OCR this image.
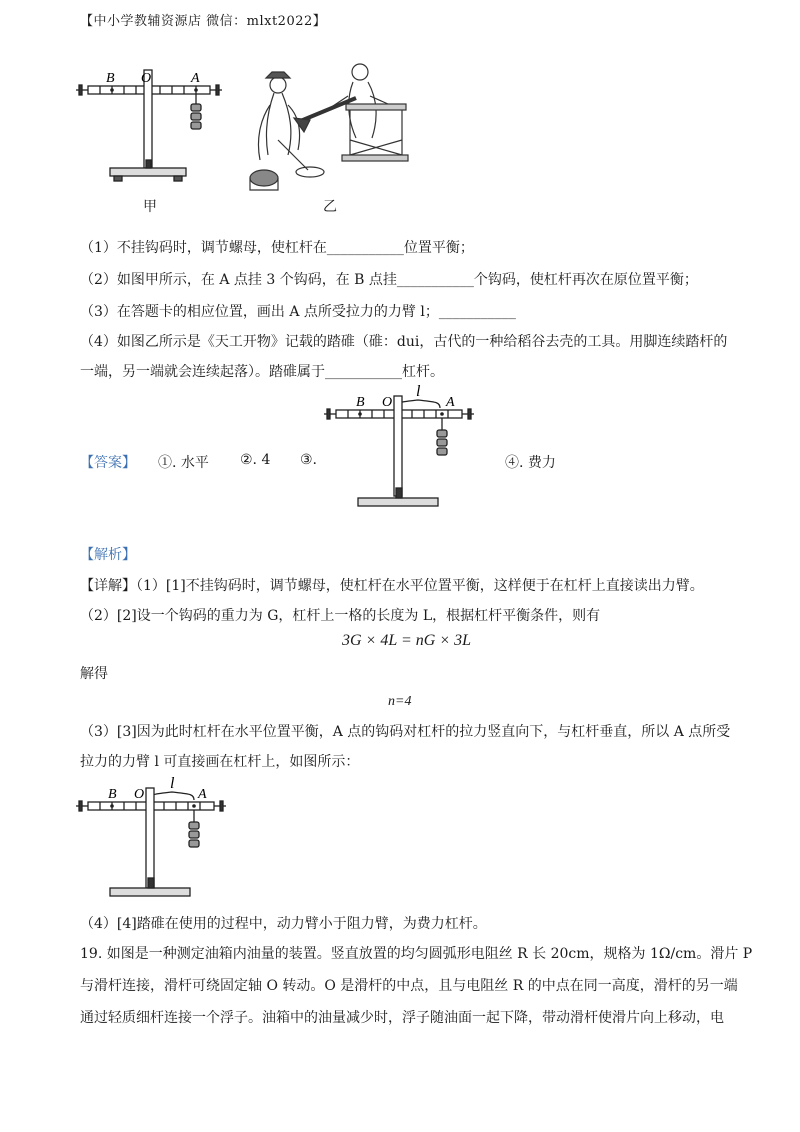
【中小学教辅资源店 微信：mlxt2022】
B O	A
甲	乙
（1）不挂钩码时，调节螺母，使杠杆在___________位置平衡；
（2）如图甲所示，在 A 点挂 3 个钩码，在 B 点挂___________个钩码，使杠杆再次在原位置平衡；
（3）在答题卡的相应位置，画出 A 点所受拉力的力臂 l；___________
（4）如图乙所示是《天工开物》记载的踏碓（碓：dui，古代的一种给稻谷去壳的工具。用脚连续踏杆的
一端，另一端就会连续起落）。踏碓属于___________杠杆。
【答案】 ①. 水平 ②. 4 ③.	④. 费力
B O	A
l
【解析】
【详解】（1）[1]不挂钩码时，调节螺母，使杠杆在水平位置平衡，这样便于在杠杆上直接读出力臂。
（2）[2]设一个钩码的重力为 G，杠杆上一格的长度为 L，根据杠杆平衡条件，则有
3G × 4L = nG × 3L
解得
n=4
（3）[3]因为此时杠杆在水平位置平衡，A 点的钩码对杠杆的拉力竖直向下，与杠杆垂直，所以 A 点所受
拉力的力臂 l 可直接画在杠杆上，如图所示：
B O	A
l
（4）[4]踏碓在使用的过程中，动力臂小于阻力臂，为费力杠杆。
19. 如图是一种测定油箱内油量的装置。竖直放置的均匀圆弧形电阻丝 R 长 20cm，规格为 1Ω/cm。滑片 P
与滑杆连接，滑杆可绕固定轴 O 转动。O 是滑杆的中点，且与电阻丝 R 的中点在同一高度，滑杆的另一端
通过轻质细杆连接一个浮子。油箱中的油量减少时，浮子随油面一起下降，带动滑杆使滑片向上移动，电
